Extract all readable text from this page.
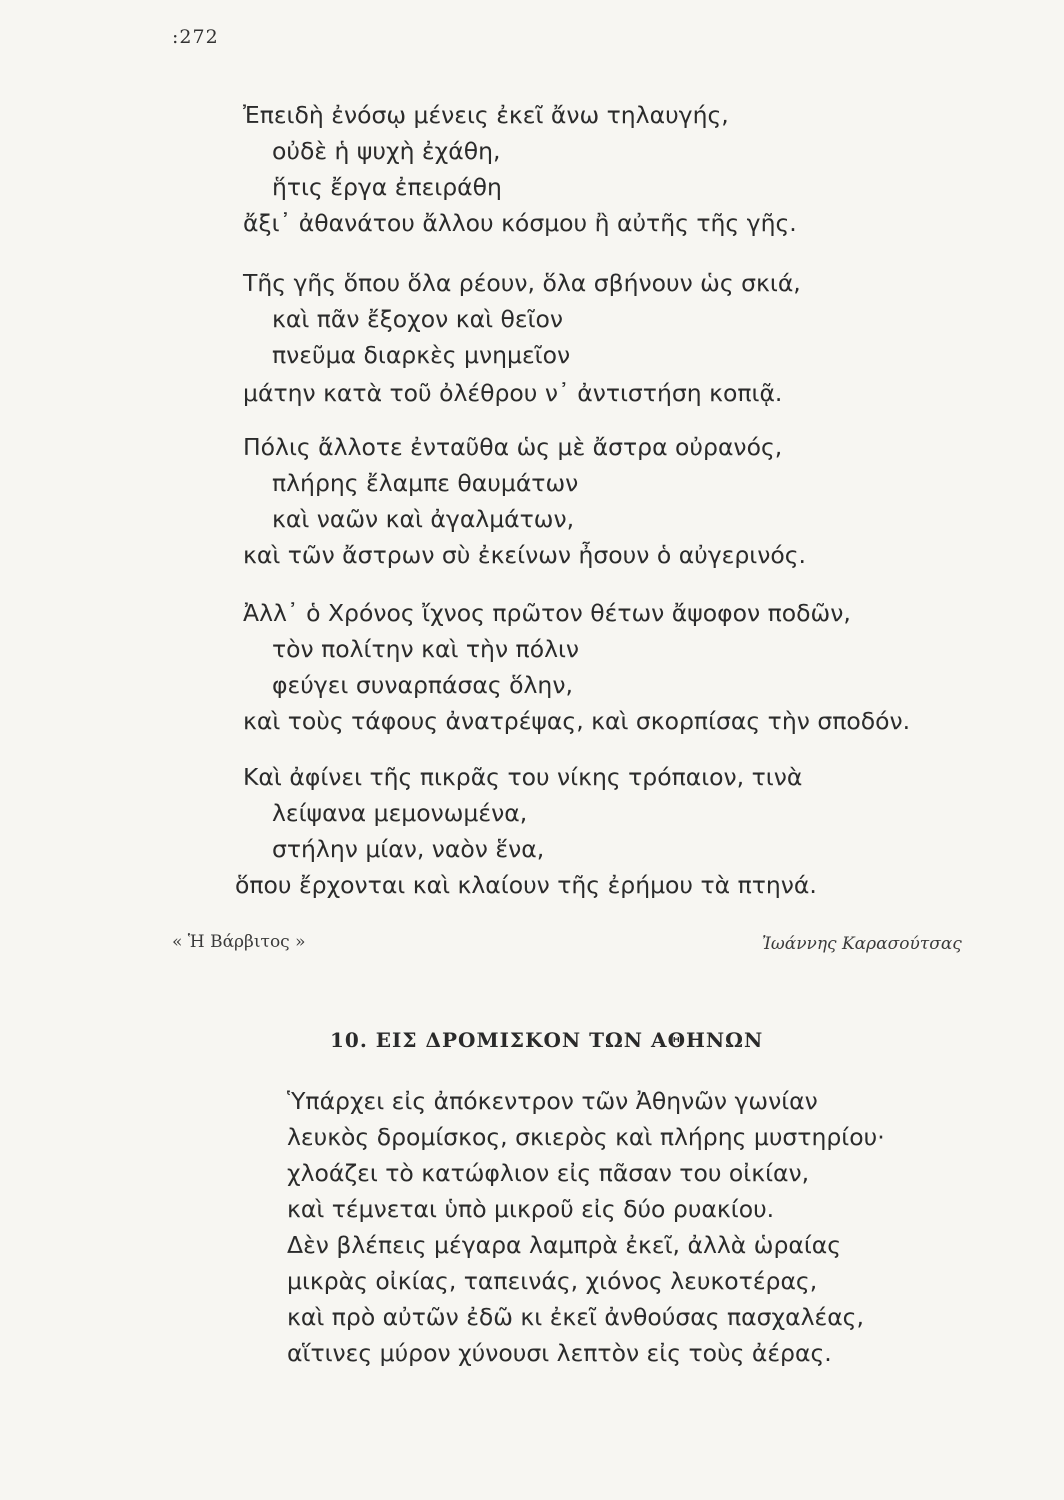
:272
Ἐπειδὴ ἐνόσῳ μένεις ἐκεῖ ἄνω τηλαυγής,
οὐδὲ ἡ ψυχὴ ἐχάθη,
ἥτις ἔργα ἐπειράθη
ἄξι᾽ ἀθανάτου ἄλλου κόσμου ἢ αὐτῆς τῆς γῆς.
Τῆς γῆς ὅπου ὅλα ρέουν, ὅλα σβήνουν ὡς σκιά,
καὶ πᾶν ἔξοχον καὶ θεῖον
πνεῦμα διαρκὲς μνημεῖον
μάτην κατὰ τοῦ ὀλέθρου ν᾽ ἀντιστήση κοπιᾷ.
Πόλις ἄλλοτε ἐνταῦθα ὡς μὲ ἄστρα οὐρανός,
πλήρης ἔλαμπε θαυμάτων
καὶ ναῶν καὶ ἀγαλμάτων,
καὶ τῶν ἄστρων σὺ ἐκείνων ἦσουν ὁ αὐγερινός.
Ἀλλ᾽ ὁ Χρόνος ἴχνος πρῶτον θέτων ἄψοφον ποδῶν,
τὸν πολίτην καὶ τὴν πόλιν
φεύγει συναρπάσας ὅλην,
καὶ τοὺς τάφους ἀνατρέψας, καὶ σκορπίσας τὴν σποδόν.
Καὶ ἀφίνει τῆς πικρᾶς του νίκης τρόπαιον, τινὰ
λείψανα μεμονωμένα,
στήλην μίαν, ναὸν ἕνα,
ὅπου ἔρχονται καὶ κλαίουν τῆς ἐρήμου τὰ πτηνά.
« Ἡ Βάρβιτος »	Ἰωάννης Καρασούτσας
10. ΕΙΣ ΔΡΟΜΙΣΚΟΝ ΤΩΝ ΑΘΗΝΩΝ
Ὑπάρχει εἰς ἀπόκεντρον τῶν Ἀθηνῶν γωνίαν
λευκὸς δρομίσκος, σκιερὸς καὶ πλήρης μυστηρίου·
χλοάζει τὸ κατώφλιον εἰς πᾶσαν του οἰκίαν,
καὶ τέμνεται ὑπὸ μικροῦ εἰς δύο ρυακίου.
Δὲν βλέπεις μέγαρα λαμπρὰ ἐκεῖ, ἀλλὰ ὡραίας
μικρὰς οἰκίας, ταπεινάς, χιόνος λευκοτέρας,
καὶ πρὸ αὐτῶν ἐδῶ κι ἐκεῖ ἀνθούσας πασχαλέας,
αἵτινες μύρον χύνουσι λεπτὸν εἰς τοὺς ἀέρας.
